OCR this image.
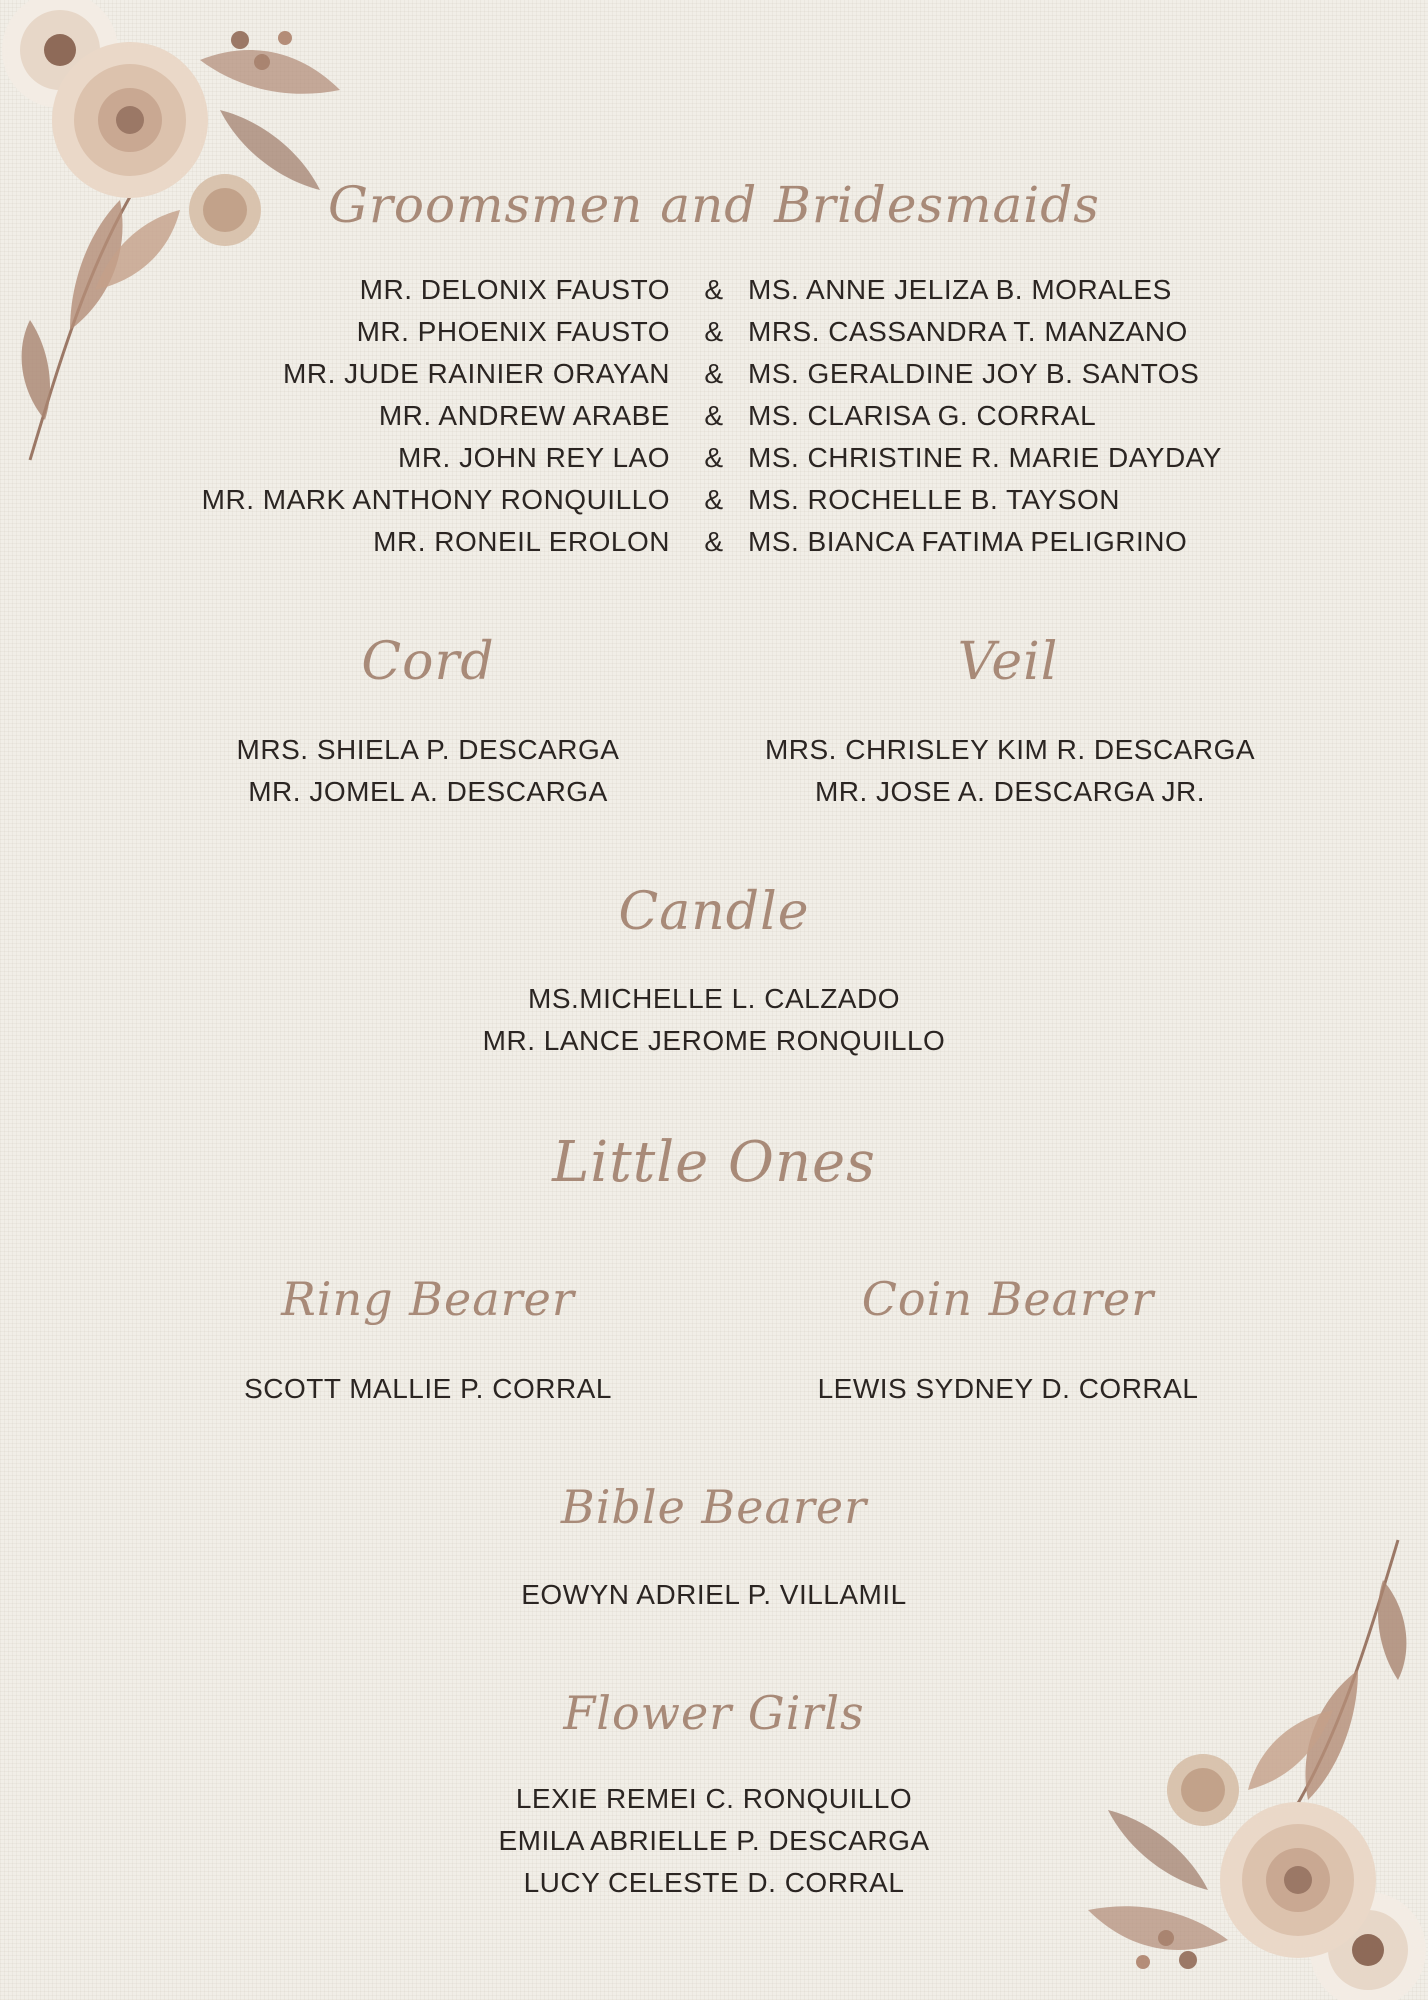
Groomsmen and Bridesmaids
MR. DELONIX FAUSTO & MS. ANNE JELIZA B. MORALES
MR. PHOENIX FAUSTO & MRS. CASSANDRA T. MANZANO
MR. JUDE RAINIER ORAYAN & MS. GERALDINE JOY B. SANTOS
MR. ANDREW ARABE & MS. CLARISA G. CORRAL
MR. JOHN REY LAO & MS. CHRISTINE R. MARIE DAYDAY
MR. MARK ANTHONY RONQUILLO & MS. ROCHELLE B. TAYSON
MR. RONEIL EROLON & MS. BIANCA FATIMA PELIGRINO
Cord
MRS. SHIELA P. DESCARGA
MR. JOMEL A. DESCARGA
Veil
MRS. CHRISLEY KIM R. DESCARGA
MR. JOSE A. DESCARGA JR.
Candle
MS.MICHELLE L. CALZADO
MR. LANCE JEROME RONQUILLO
Little Ones
Ring Bearer
SCOTT MALLIE P. CORRAL
Coin Bearer
LEWIS SYDNEY D. CORRAL
Bible Bearer
EOWYN ADRIEL P. VILLAMIL
Flower Girls
LEXIE REMEI C. RONQUILLO
EMILA ABRIELLE P. DESCARGA
LUCY CELESTE D. CORRAL
